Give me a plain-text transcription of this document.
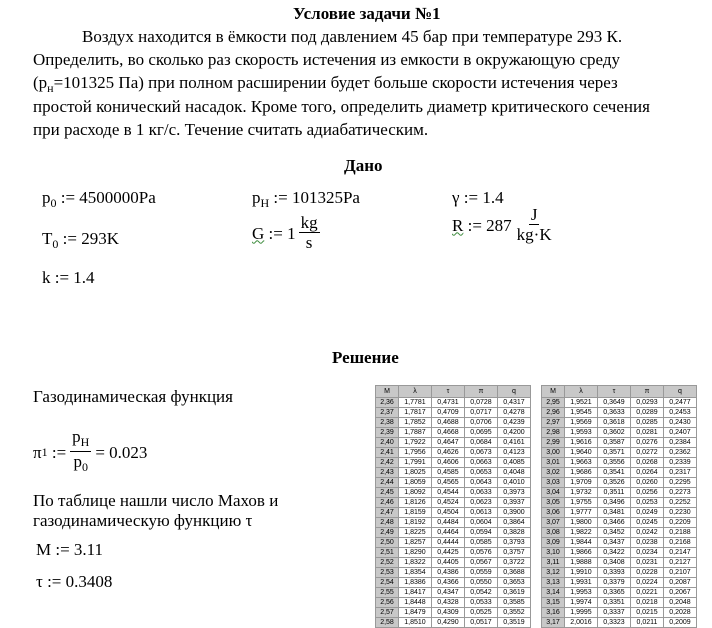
Условие задачи №1
Воздух находится в ёмкости под давлением 45 бар при температуре 293 К.
Определить, во сколько раз скорость истечения из емкости в окружающую среду
($p_н=101325$ Па) при полном расширении будет больше скорости истечения через
простой конический насадок. Кроме того, определить диаметр критического сечения
при расходе в 1 кг/с. Течение считать адиабатическим.
Дано
$p_0$ := 4500000Pa	$p_H$ := 101325Pa	γ := 1.4
$T_0$ := 293K	G
:= $1 \frac{kg}{s}$	R
:= $287 \frac{J}{kg\cdot K}$
k := 1.4
Решение
Газодинамическая функция
π 1
:= $\frac{p_H}{p_0} = 0.023$
По таблице нашли число Махов и
газодинамическую функцию τ
M := 3.11
τ := 0.3408
M	λ	τ	π	q		M	λ	τ	π	q
2,36	1,7781	0,4731	0,0728	0,4317		2,95	1,9521	0,3649	0,0293	0,2477
2,37	1,7817	0,4709	0,0717	0,4278		2,96	1,9545	0,3633	0,0289	0,2453
2,38	1,7852	0,4688	0,0706	0,4239		2,97	1,9569	0,3618	0,0285	0,2430
2,39	1,7887	0,4668	0,0695	0,4200		2,98	1,9593	0,3602	0,0281	0,2407
2,40	1,7922	0,4647	0,0684	0,4161		2,99	1,9616	0,3587	0,0276	0,2384
2,41	1,7956	0,4626	0,0673	0,4123		3,00	1,9640	0,3571	0,0272	0,2362
2,42	1,7991	0,4606	0,0663	0,4085		3,01	1,9663	0,3556	0,0268	0,2339
2,43	1,8025	0,4585	0,0653	0,4048		3,02	1,9686	0,3541	0,0264	0,2317
2,44	1,8059	0,4565	0,0643	0,4010		3,03	1,9709	0,3526	0,0260	0,2295
2,45	1,8092	0,4544	0,0633	0,3973		3,04	1,9732	0,3511	0,0256	0,2273
2,46	1,8126	0,4524	0,0623	0,3937		3,05	1,9755	0,3496	0,0253	0,2252
2,47	1,8159	0,4504	0,0613	0,3900		3,06	1,9777	0,3481	0,0249	0,2230
2,48	1,8192	0,4484	0,0604	0,3864		3,07	1,9800	0,3466	0,0245	0,2209
2,49	1,8225	0,4464	0,0594	0,3828		3,08	1,9822	0,3452	0,0242	0,2188
2,50	1,8257	0,4444	0,0585	0,3793		3,09	1,9844	0,3437	0,0238	0,2168
2,51	1,8290	0,4425	0,0576	0,3757		3,10	1,9866	0,3422	0,0234	0,2147
2,52	1,8322	0,4405	0,0567	0,3722		3,11	1,9888	0,3408	0,0231	0,2127
2,53	1,8354	0,4386	0,0559	0,3688		3,12	1,9910	0,3393	0,0228	0,2107
2,54	1,8386	0,4366	0,0550	0,3653		3,13	1,9931	0,3379	0,0224	0,2087
2,55	1,8417	0,4347	0,0542	0,3619		3,14	1,9953	0,3365	0,0221	0,2067
2,56	1,8448	0,4328	0,0533	0,3585		3,15	1,9974	0,3351	0,0218	0,2048
2,57	1,8479	0,4309	0,0525	0,3552		3,16	1,9995	0,3337	0,0215	0,2028
2,58	1,8510	0,4290	0,0517	0,3519		3,17	2,0016	0,3323	0,0211	0,2009
